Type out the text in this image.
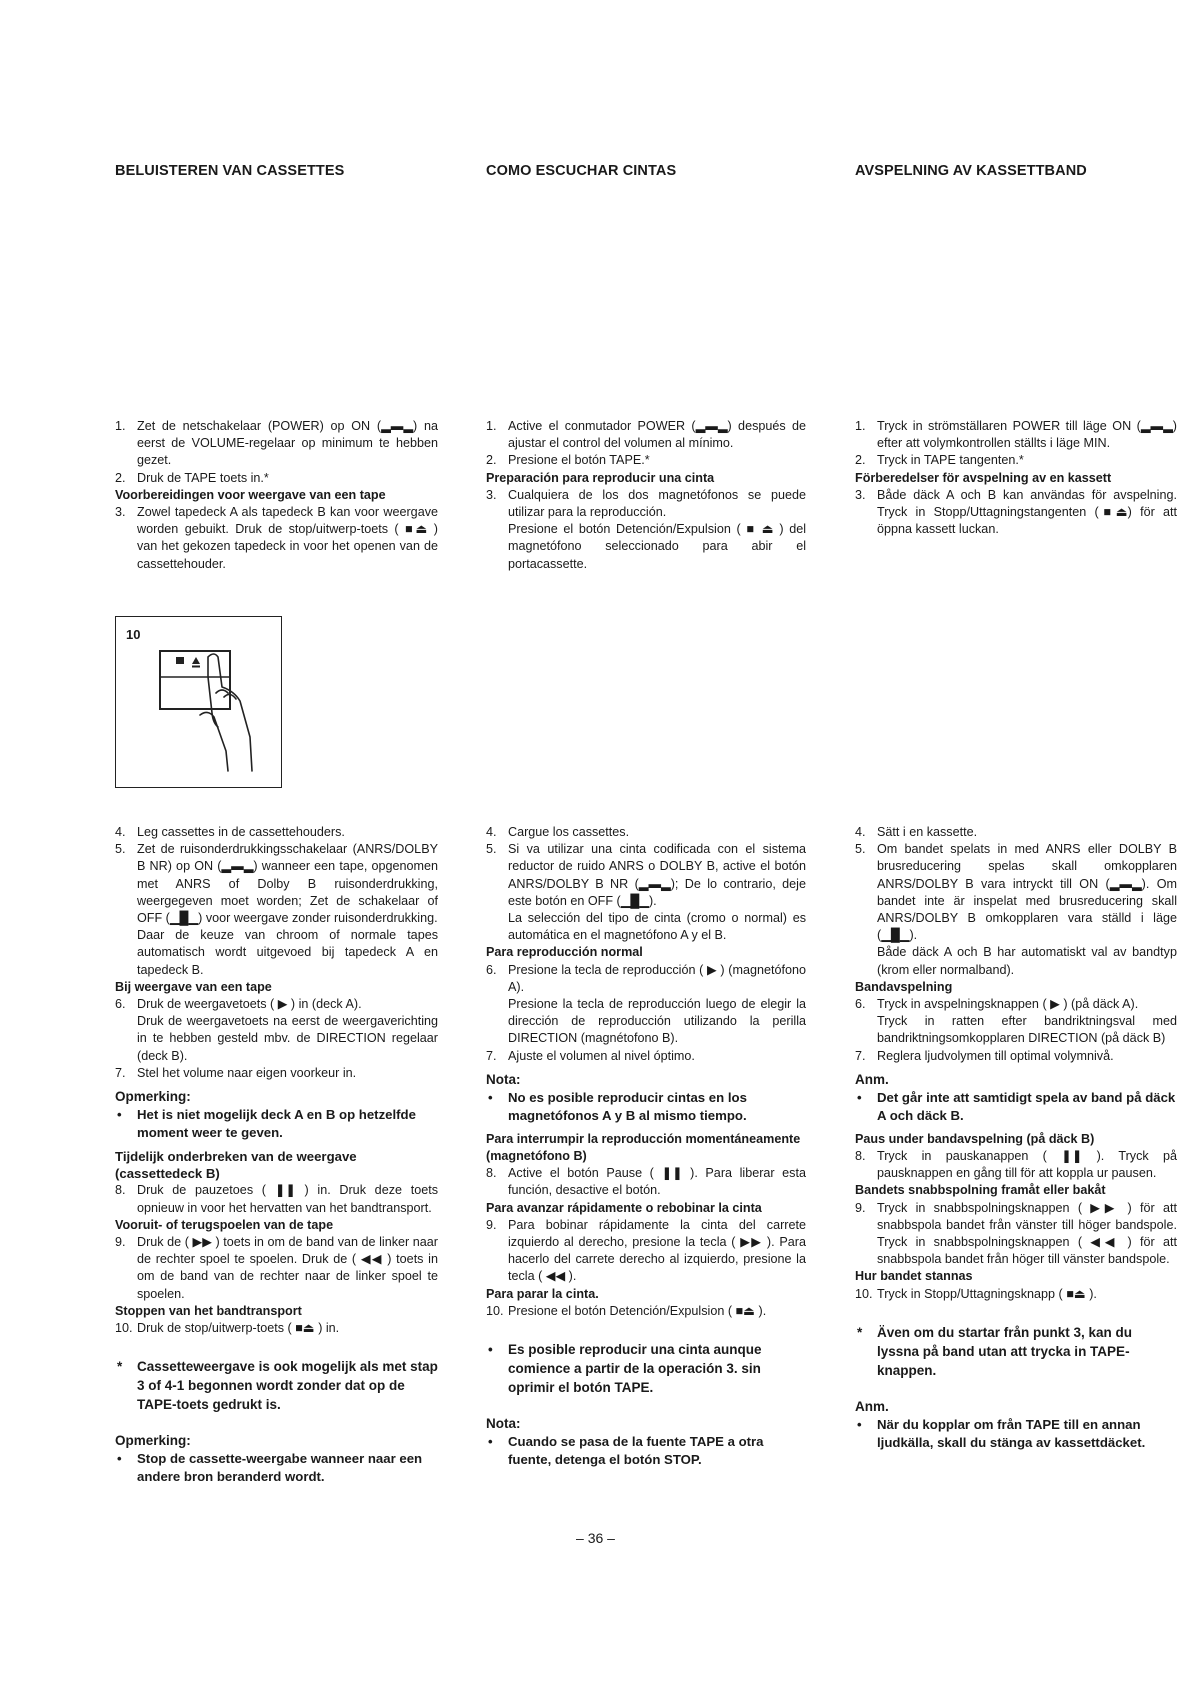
BELUISTEREN VAN CASSETTES	COMO ESCUCHAR CINTAS	AVSPELNING AV KASSETTBAND
1. Zet de netschakelaar (POWER) op ON (▂▬▂) na eerst de VOLUME-regelaar op minimum te hebben gezet.
2. Druk de TAPE toets in.*
Voorbereidingen voor weergave van een tape
3. Zowel tapedeck A als tapedeck B kan voor weergave worden gebuikt. Druk de stop/uitwerp-toets ( ■⏏ ) van het gekozen tapedeck in voor het openen van de cassettehouder.
10
4. Leg cassettes in de cassettehouders.
5. Zet de ruisonderdrukkingsschakelaar (ANRS/DOLBY B NR) op ON (▂▬▂) wanneer een tape, opgenomen met ANRS of Dolby B ruisonderdrukking, weergegeven moet worden; Zet de schakelaar of OFF (▁█▁) voor weergave zonder ruisonderdrukking.
Daar de keuze van chroom of normale tapes automatisch wordt uitgevoed bij tapedeck A en tapedeck B.
Bij weergave van een tape
6. Druk de weergavetoets ( ▶ ) in (deck A).
Druk de weergavetoets na eerst de weergaverichting in te hebben gesteld mbv. de DIRECTION regelaar (deck B).
7. Stel het volume naar eigen voorkeur in.
Opmerking:
• Het is niet mogelijk deck A en B op hetzelfde moment weer te geven.
Tijdelijk onderbreken van de weergave (cassettedeck B)
8. Druk de pauzetoes ( ❚❚ ) in. Druk deze toets opnieuw in voor het hervatten van het bandtransport.
Vooruit- of terugspoelen van de tape
9. Druk de ( ▶▶ ) toets in om de band van de linker naar de rechter spoel te spoelen. Druk de ( ◀◀ ) toets in om de band van de rechter naar de linker spoel te spoelen.
Stoppen van het bandtransport
10. Druk de stop/uitwerp-toets ( ■⏏ ) in.
* Cassetteweergave is ook mogelijk als met stap 3 of 4-1 begonnen wordt zonder dat op de TAPE-toets gedrukt is.
Opmerking:
• Stop de cassette-weergabe wanneer naar een andere bron beranderd wordt.
1. Active el conmutador POWER (▂▬▂) después de ajustar el control del volumen al mínimo.
2. Presione el botón TAPE.*
Preparación para reproducir una cinta
3. Cualquiera de los dos magnetófonos se puede utilizar para la reproducción.
Presione el botón Detención/Expulsion ( ■ ⏏ ) del magnetófono seleccionado para abir el portacassette.
4. Cargue los cassettes.
5. Si va utilizar una cinta codificada con el sistema reductor de ruido ANRS o DOLBY B, active el botón ANRS/DOLBY B NR (▂▬▂); De lo contrario, deje este botón en OFF (▁█▁).
La selección del tipo de cinta (cromo o normal) es automática en el magnetófono A y el B.
Para reproducción normal
6. Presione la tecla de reproducción ( ▶ ) (magnetófono A).
Presione la tecla de reproducción luego de elegir la dirección de reproducción utilizando la perilla DIRECTION (magnétofono B).
7. Ajuste el volumen al nivel óptimo.
Nota:
• No es posible reproducir cintas en los magnetófonos A y B al mismo tiempo.
Para interrumpir la reproducción momentáneamente (magnetófono B)
8. Active el botón Pause ( ❚❚ ). Para liberar esta función, desactive el botón.
Para avanzar rápidamente o rebobinar la cinta
9. Para bobinar rápidamente la cinta del carrete izquierdo al derecho, presione la tecla ( ▶▶ ). Para hacerlo del carrete derecho al izquierdo, presione la tecla ( ◀◀ ).
Para parar la cinta.
10. Presione el botón Detención/Expulsion ( ■⏏ ).
• Es posible reproducir una cinta aunque comience a partir de la operación 3. sin oprimir el botón TAPE.
Nota:
• Cuando se pasa de la fuente TAPE a otra fuente, detenga el botón STOP.
1. Tryck in strömställaren POWER till läge ON (▂▬▂) efter att volymkontrollen ställts i läge MIN.
2. Tryck in TAPE tangenten.*
Förberedelser för avspelning av en kassett
3. Både däck A och B kan användas för avspelning. Tryck in Stopp/Uttagningstangenten (■⏏) för att öppna kassett luckan.
4. Sätt i en kassette.
5. Om bandet spelats in med ANRS eller DOLBY B brusreducering spelas skall omkopplaren ANRS/DOLBY B vara intryckt till ON (▂▬▂). Om bandet inte är inspelat med brusreducering skall ANRS/DOLBY B omkopplaren vara ställd i läge (▁█▁).
Både däck A och B har automatiskt val av bandtyp (krom eller normalband).
Bandavspelning
6. Tryck in avspelningsknappen ( ▶ ) (på däck A).
Tryck in ratten efter bandriktningsval med bandriktningsomkopplaren DIRECTION (på däck B)
7. Reglera ljudvolymen till optimal volymnivå.
Anm.
• Det går inte att samtidigt spela av band på däck A och däck B.
Paus under bandavspelning (på däck B)
8. Tryck in pauskanappen ( ❚❚ ). Tryck på pausknappen en gång till för att koppla ur pausen.
Bandets snabbspolning framåt eller bakåt
9. Tryck in snabbspolningsknappen ( ▶▶ ) för att snabbspola bandet från vänster till höger bandspole. Tryck in snabbspolningsknappen ( ◀◀ ) för att snabbspola bandet från höger till vänster bandspole.
Hur bandet stannas
10. Tryck in Stopp/Uttagningsknapp ( ■⏏ ).
* Även om du startar från punkt 3, kan du lyssna på band utan att trycka in TAPE-knappen.
Anm.
• När du kopplar om från TAPE till en annan ljudkälla, skall du stänga av kassettdäcket.
– 36 –
